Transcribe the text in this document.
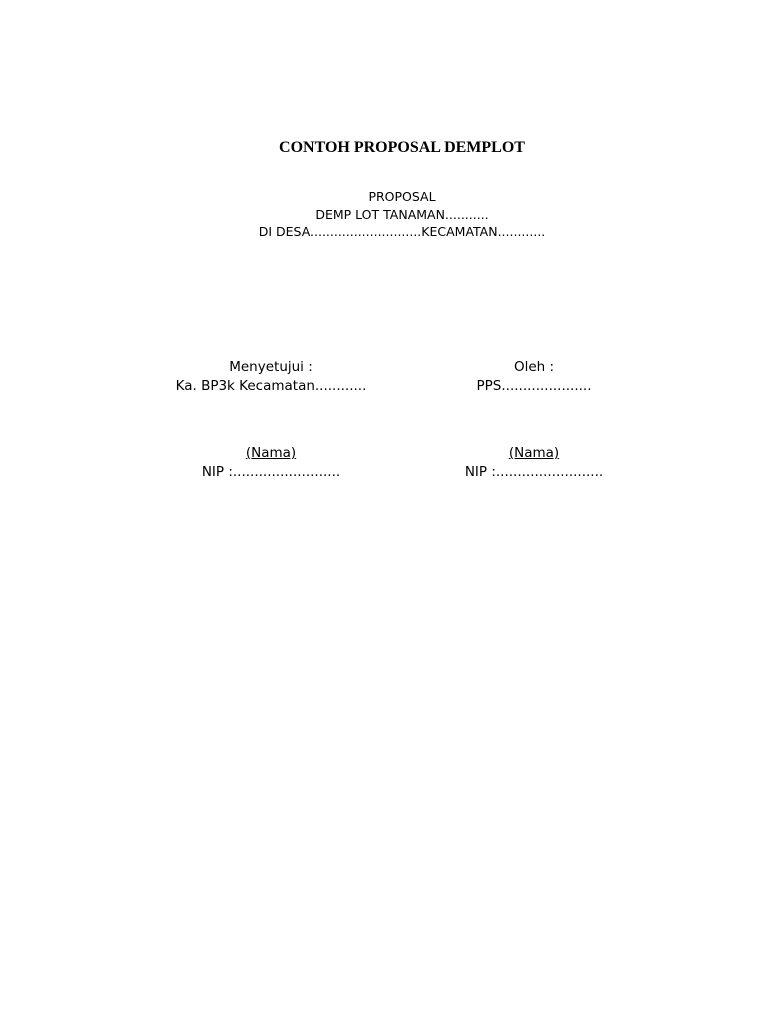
CONTOH PROPOSAL DEMPLOT
PROPOSAL
DEMP LOT TANAMAN...........
DI DESA............................KECAMATAN............
Menyetujui :
Ka. BP3k Kecamatan............
(Nama)
NIP :.........................
Oleh :
PPS.....................
(Nama)
NIP :.........................
